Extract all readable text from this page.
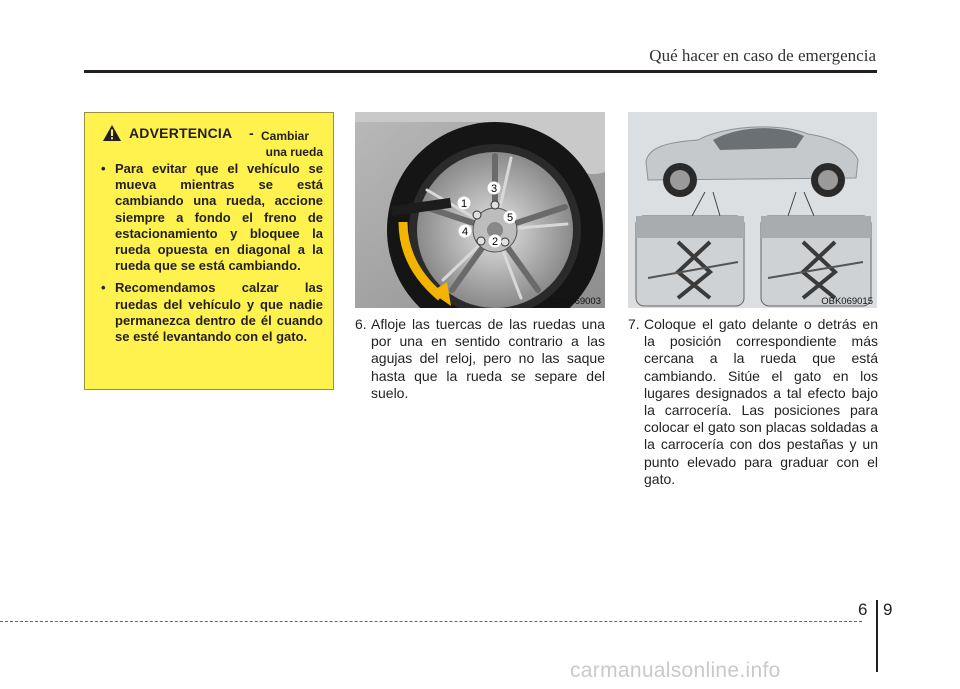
Qué hacer en caso de emergencia
ADVERTENCIA - Cambiar
una rueda
• Para evitar que el vehículo se mueva mientras se está cambiando una rueda, accione siempre a fondo el freno de estacionamiento y bloquee la rueda opuesta en diagonal a la rueda que se está cambiando.
• Recomendamos calzar las ruedas del vehículo y que nadie permanezca dentro de él cuando se esté levantando con el gato.
1
2
3
4
5
OBK069003	OBK069015
6. Afloje las tuercas de las ruedas una por una en sentido contrario a las agujas del reloj, pero no las saque hasta que la rueda se separe del suelo.
7. Coloque el gato delante o detrás en la posición correspondiente más cercana a la rueda que está cambiando. Sitúe el gato en los lugares designados a tal efecto bajo la carrocería. Las posiciones para colocar el gato son placas soldadas a la carrocería con dos pestañas y un punto elevado para graduar con el gato.
6 9
carmanualsonline.info
